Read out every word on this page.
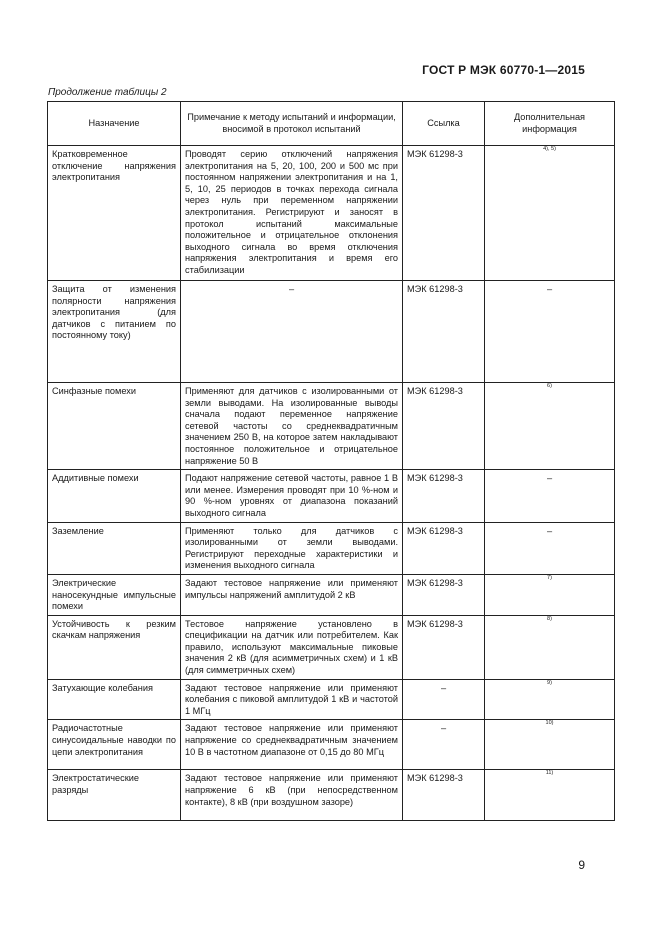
ГОСТ Р МЭК 60770-1—2015
Продолжение таблицы 2
Назначение	Примечание к методу испытаний и информации, вносимой в протокол испытаний	Ссылка	Дополнительная информация
Кратковременное отключение напряжения электропитания	Проводят серию отключений напряжения электропитания на 5, 20, 100, 200 и 500 мс при постоянном напряжении электропитания и на 1, 5, 10, 25 периодов в точках перехода сигнала через нуль при переменном напряжении электропитания. Регистрируют и заносят в протокол испытаний максимальные положительное и отрицательное отклонения выходного сигнала во время отключения напряжения электропитания и время его стабилизации	МЭК 61298-3	$^{4), 5)}$
Защита от изменения полярности напряжения электропитания (для датчиков с питанием по постоянному току)	–	МЭК 61298-3	–
Синфазные помехи	Применяют для датчиков с изолированными от земли выводами. На изолированные выводы сначала подают переменное напряжение сетевой частоты со среднеквадратичным значением 250 В, на которое затем накладывают постоянное положительное и отрицательное напряжение 50 В	МЭК 61298-3	$^{6)}$
Аддитивные помехи	Подают напряжение сетевой частоты, равное 1 В или менее. Измерения проводят при 10 %-ном и 90 %-ном уровнях от диапазона показаний выходного сигнала	МЭК 61298-3	–
Заземление	Применяют только для датчиков с изолированными от земли выводами. Регистрируют переходные характеристики и изменения выходного сигнала	МЭК 61298-3	–
Электрические наносекундные импульсные помехи	Задают тестовое напряжение или применяют импульсы напряжений амплитудой 2 кВ	МЭК 61298-3	$^{7)}$
Устойчивость к резким скачкам напряжения	Тестовое напряжение установлено в спецификации на датчик или потребителем. Как правило, используют максимальные пиковые значения 2 кВ (для асимметричных схем) и 1 кВ (для симметричных схем)	МЭК 61298-3	$^{8)}$
Затухающие колебания	Задают тестовое напряжение или применяют колебания с пиковой амплитудой 1 кВ и частотой 1 МГц	–	$^{9)}$
Радиочастотные синусоидальные наводки по цепи электропитания	Задают тестовое напряжение или применяют напряжение со среднеквадратичным значением 10 В в частотном диапазоне от 0,15 до 80 МГц	–	$^{10)}$
Электростатические разряды	Задают тестовое напряжение или применяют напряжение 6 кВ (при непосредственном контакте), 8 кВ (при воздушном зазоре)	МЭК 61298-3	$^{11)}$
9
